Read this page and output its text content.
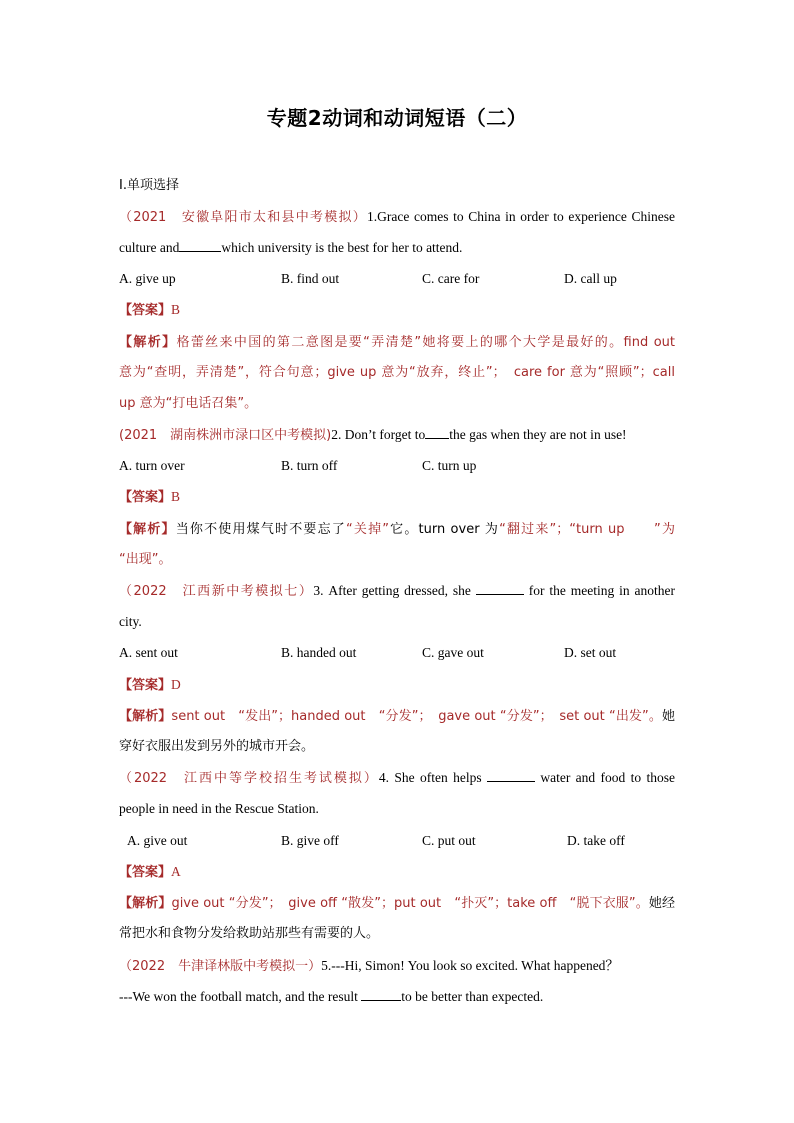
专题2动词和动词短语（二）
Ⅰ.单项选择
（2021　安徽阜阳市太和县中考模拟）1.Grace comes to China in order to experience Chinese
culture and	which university is the best for her to attend.
A. give up	B. find out	C. care for	D. call up
【答案】B
【解析】格蕾丝来中国的第二意图是要“弄清楚”她将要上的哪个大学是最好的。find out
意为“查明，弄清楚”，符合句意；give up 意为“放弃，终止”；　care for 意为“照顾”；call
up 意为“打电话召集”。
(2021　湖南株洲市渌口区中考模拟)2. Don’t forget to the gas when they are not in use!
A. turn over	B. turn off	C. turn up
【答案】B
【解析】当你不使用煤气时不要忘了“关掉”它。turn over 为“翻过来”；“turn up　　”为
“出现”。
（2022　江西新中考模拟七）3. After getting dressed, she	for the meeting in another
city.
A. sent out	B. handed out	C. gave out	D. set out
【答案】D
【解析】sent out　“发出”；handed out　“分发”；　gave out “分发”；　set out “出发”。她
穿好衣服出发到另外的城市开会。
（2022　江西中等学校招生考试模拟）4. She often helps	water and food to those
people in need in the Rescue Station.
A. give out	B. give off	C. put out	D. take off
【答案】A
【解析】give out “分发”；　give off “散发”；put out　“扑灭”；take off　“脱下衣服”。她经
常把水和食物分发给救助站那些有需要的人。
（2022　牛津译林版中考模拟一）5.---Hi, Simon! You look so excited. What happened？
---We won the football match, and the result	to be better than expected.
